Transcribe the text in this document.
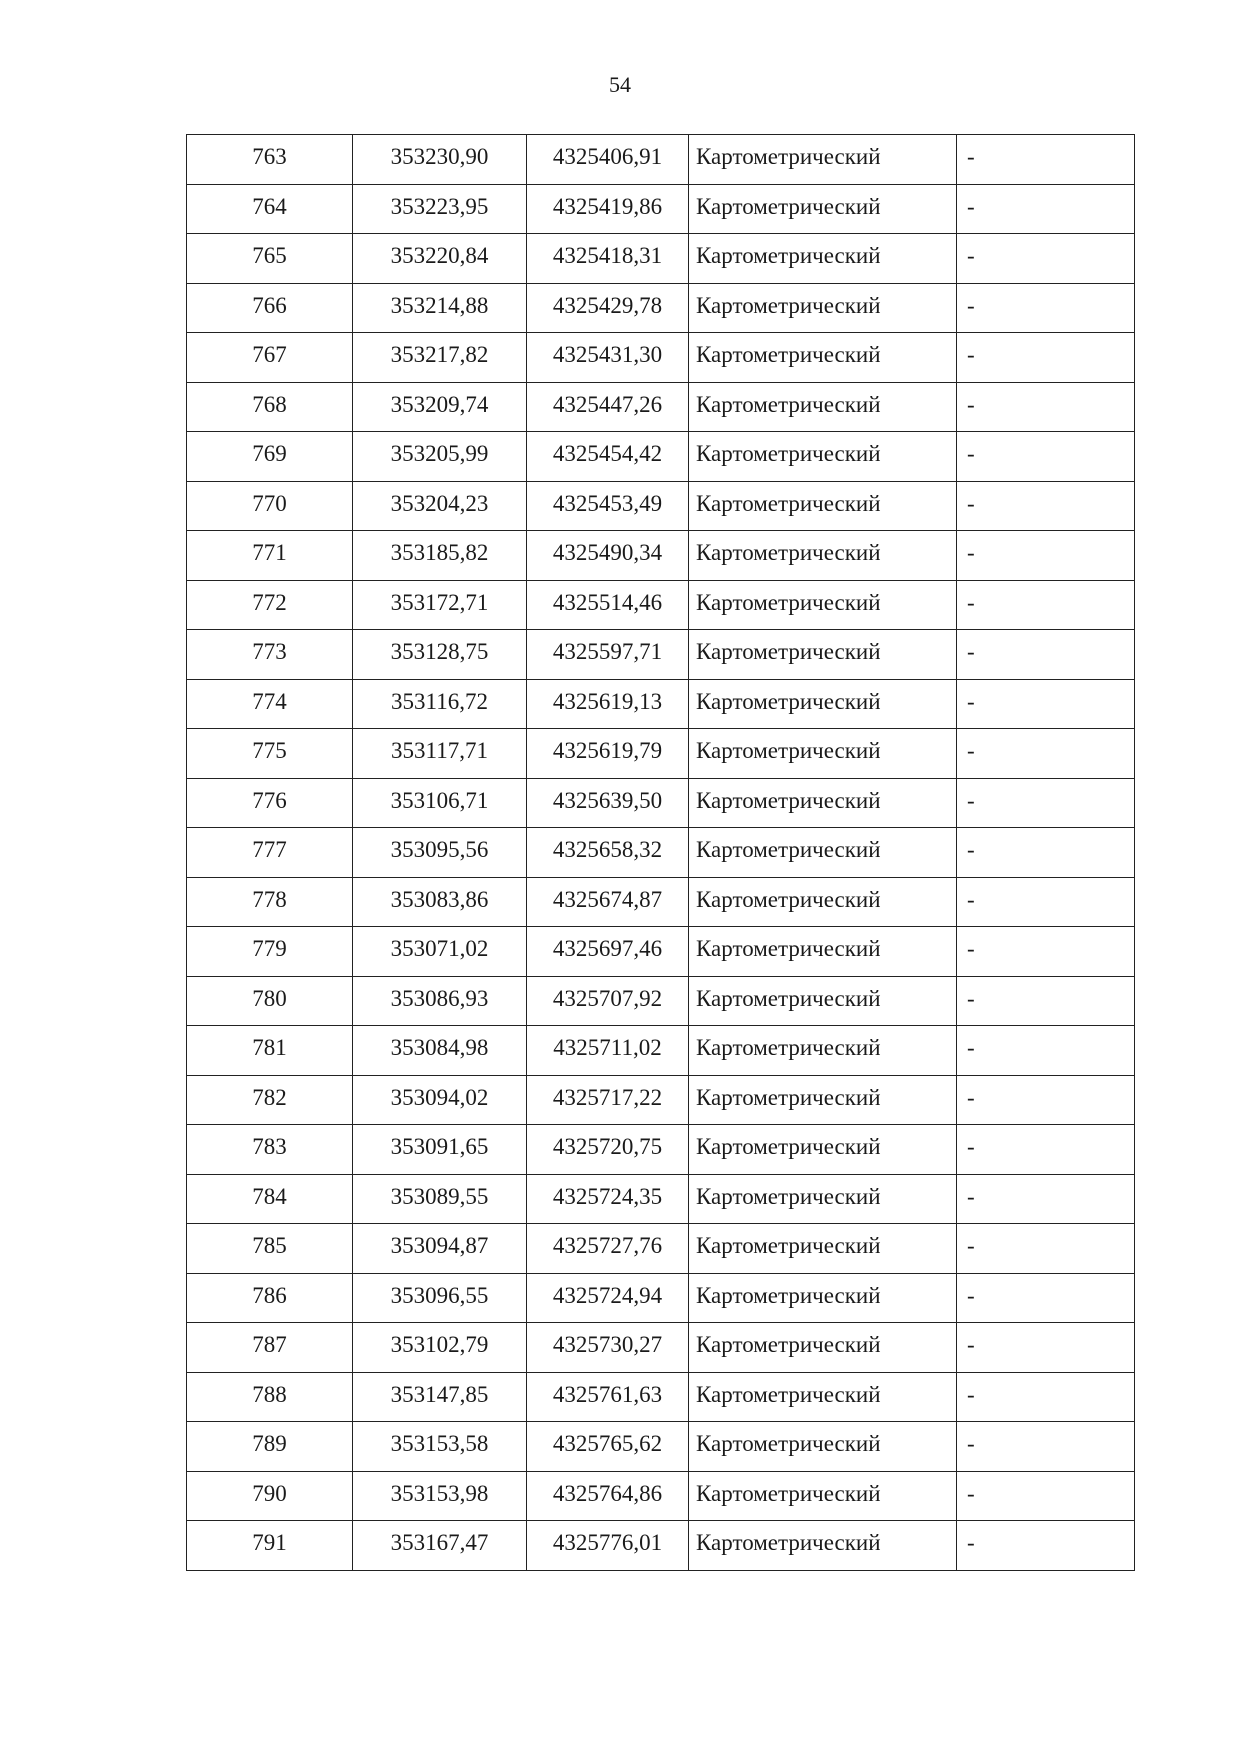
54
763	353230,90	4325406,91	Картометрический	-
764	353223,95	4325419,86	Картометрический	-
765	353220,84	4325418,31	Картометрический	-
766	353214,88	4325429,78	Картометрический	-
767	353217,82	4325431,30	Картометрический	-
768	353209,74	4325447,26	Картометрический	-
769	353205,99	4325454,42	Картометрический	-
770	353204,23	4325453,49	Картометрический	-
771	353185,82	4325490,34	Картометрический	-
772	353172,71	4325514,46	Картометрический	-
773	353128,75	4325597,71	Картометрический	-
774	353116,72	4325619,13	Картометрический	-
775	353117,71	4325619,79	Картометрический	-
776	353106,71	4325639,50	Картометрический	-
777	353095,56	4325658,32	Картометрический	-
778	353083,86	4325674,87	Картометрический	-
779	353071,02	4325697,46	Картометрический	-
780	353086,93	4325707,92	Картометрический	-
781	353084,98	4325711,02	Картометрический	-
782	353094,02	4325717,22	Картометрический	-
783	353091,65	4325720,75	Картометрический	-
784	353089,55	4325724,35	Картометрический	-
785	353094,87	4325727,76	Картометрический	-
786	353096,55	4325724,94	Картометрический	-
787	353102,79	4325730,27	Картометрический	-
788	353147,85	4325761,63	Картометрический	-
789	353153,58	4325765,62	Картометрический	-
790	353153,98	4325764,86	Картометрический	-
791	353167,47	4325776,01	Картометрический	-
